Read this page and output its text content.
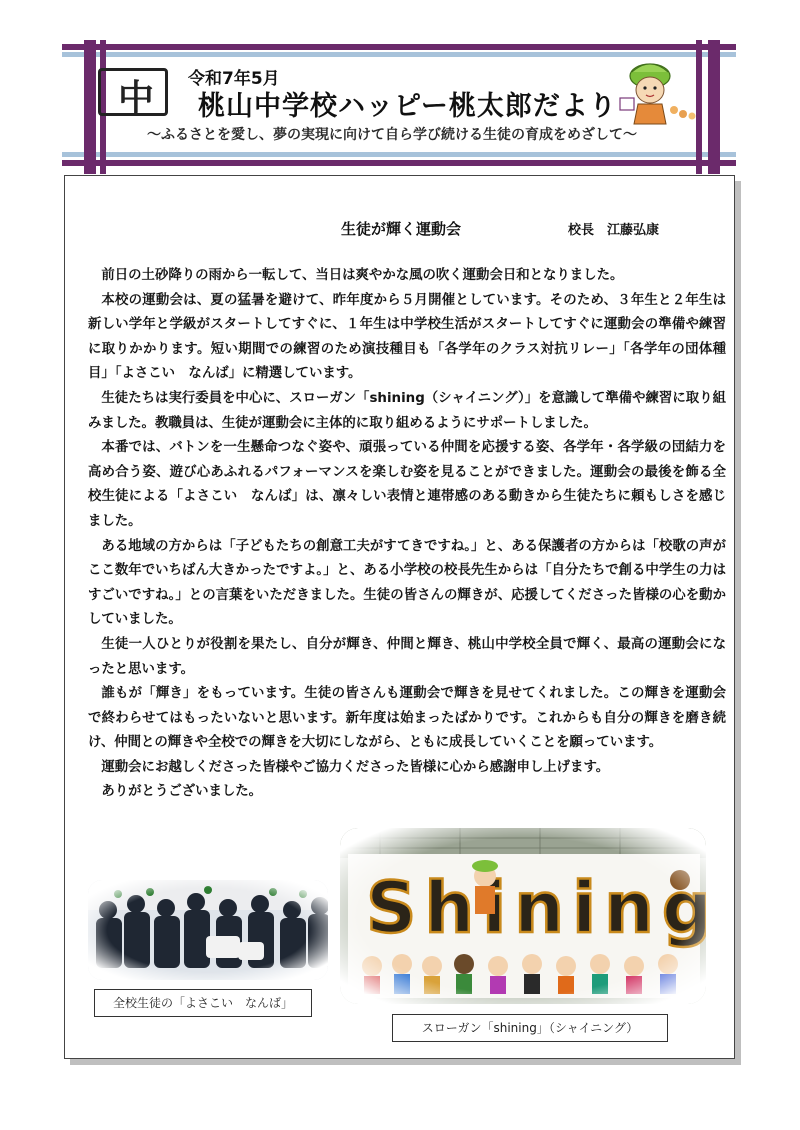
中	令和7年5月
桃山中学校ハッピー桃太郎だより
～ふるさとを愛し、夢の実現に向けて自ら学び続ける生徒の育成をめざして～
生徒が輝く運動会	校長　江藤弘康

前日の土砂降りの雨から一転して、当日は爽やかな風の吹く運動会日和となりました。

本校の運動会は、夏の猛暑を避けて、昨年度から５月開催としています。そのため、３年生と２年生は新しい学年と学級がスタートしてすぐに、１年生は中学校生活がスタートしてすぐに運動会の準備や練習に取りかかります。短い期間での練習のため演技種目も「各学年のクラス対抗リレー」「各学年の団体種目」「よさこい　なんば」に精選しています。

生徒たちは実行委員を中心に、スローガン「shining（シャイニング）」を意識して準備や練習に取り組みました。教職員は、生徒が運動会に主体的に取り組めるようにサポートしました。

本番では、バトンを一生懸命つなぐ姿や、頑張っている仲間を応援する姿、各学年・各学級の団結力を高め合う姿、遊び心あふれるパフォーマンスを楽しむ姿を見ることができました。運動会の最後を飾る全校生徒による「よさこい　なんば」は、凛々しい表情と連帯感のある動きから生徒たちに頼もしさを感じました。

ある地域の方からは「子どもたちの創意工夫がすてきですね。」と、ある保護者の方からは「校歌の声がここ数年でいちばん大きかったですよ。」と、ある小学校の校長先生からは「自分たちで創る中学生の力はすごいですね。」との言葉をいただきました。生徒の皆さんの輝きが、応援してくださった皆様の心を動かしていました。

生徒一人ひとりが役割を果たし、自分が輝き、仲間と輝き、桃山中学校全員で輝く、最高の運動会になったと思います。

誰もが「輝き」をもっています。生徒の皆さんも運動会で輝きを見せてくれました。この輝きを運動会で終わらせてはもったいないと思います。新年度は始まったばかりです。これからも自分の輝きを磨き続け、仲間との輝きや全校での輝きを大切にしながら、ともに成長していくことを願っています。

運動会にお越しくださった皆様やご協力くださった皆様に心から感謝申し上げます。

ありがとうございました。

全校生徒の「よさこい　なんば」
スローガン「shining」（シャイニング）
